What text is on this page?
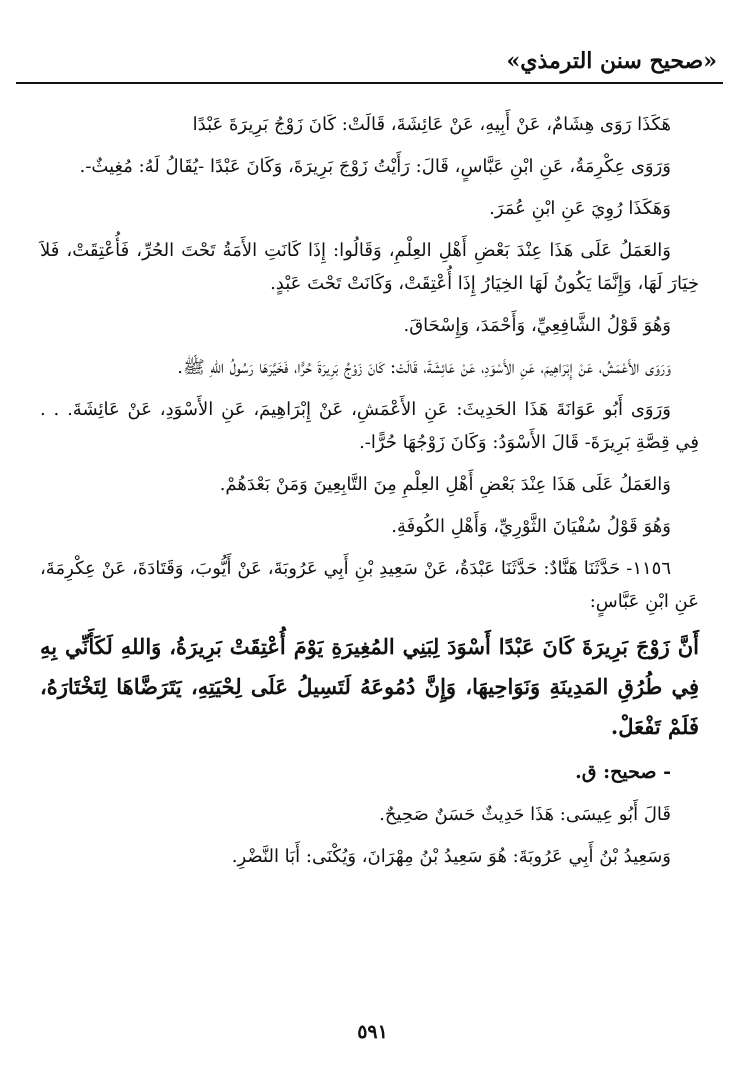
«صحيح سنن الترمذي»

هَكَذَا رَوَى هِشَامٌ، عَنْ أَبِيهِ، عَنْ عَائِشَةَ، قَالَتْ: كَانَ زَوْجُ بَرِيرَةَ عَبْدًا

وَرَوَى عِكْرِمَةُ، عَنِ ابْنِ عَبَّاسٍ، قَالَ: رَأَيْتُ زَوْجَ بَرِيرَةَ، وَكَانَ عَبْدًا -يُقَالُ لَهُ: مُغِيثٌ-.

وَهَكَذَا رُوِيَ عَنِ ابْنِ عُمَرَ.

وَالعَمَلُ عَلَى هَذَا عِنْدَ بَعْضِ أَهْلِ العِلْمِ، وَقَالُوا: إِذَا كَانَتِ الأَمَةُ تَحْتَ الحُرِّ، فَأُعْتِقَتْ، فَلاَ خِيَارَ لَهَا، وَإِنَّمَا يَكُونُ لَهَا الخِيَارُ إِذَا أُعْتِقَتْ، وَكَانَتْ تَحْتَ عَبْدٍ.

وَهُوَ قَوْلُ الشَّافِعِيِّ، وَأَحْمَدَ، وَإِسْحَاقَ.

وَرَوَى الأَعْمَشُ، عَنْ إِبْرَاهِيمَ، عَنِ الأَسْوَدِ، عَنْ عَائِشَةَ، قَالَتْ: كَانَ زَوْجُ بَرِيرَةَ حُرًّا، فَخَيَّرَهَا رَسُولُ اللهِ ﷺ.

وَرَوَى أَبُو عَوَانَةَ هَذَا الحَدِيثَ: عَنِ الأَعْمَشِ، عَنْ إِبْرَاهِيمَ، عَنِ الأَسْوَدِ، عَنْ عَائِشَةَ. . . فِي قِصَّةِ بَرِيرَةَ- قَالَ الأَسْوَدُ: وَكَانَ زَوْجُهَا حُرًّا-.

وَالعَمَلُ عَلَى هَذَا عِنْدَ بَعْضِ أَهْلِ العِلْمِ مِنَ التَّابِعِينَ وَمَنْ بَعْدَهُمْ.

وَهُوَ قَوْلُ سُفْيَانَ الثَّوْرِيِّ، وَأَهْلِ الكُوفَةِ.

١١٥٦- حَدَّثَنَا هَنَّادٌ: حَدَّثَنَا عَبْدَةُ، عَنْ سَعِيدِ بْنِ أَبِي عَرُوبَةَ، عَنْ أَيُّوبَ، وَقَتَادَةَ، عَنْ عِكْرِمَةَ، عَنِ ابْنِ عَبَّاسٍ:

أَنَّ زَوْجَ بَرِيرَةَ كَانَ عَبْدًا أَسْوَدَ لِبَنِي المُغِيرَةِ يَوْمَ أُعْتِقَتْ بَرِيرَةُ، وَاللهِ لَكَأَنِّي بِهِ فِي طُرُقِ المَدِينَةِ وَنَوَاحِيهَا، وَإِنَّ دُمُوعَهُ لَتَسِيلُ عَلَى لِحْيَتِهِ، يَتَرَضَّاهَا لِتَخْتَارَهُ، فَلَمْ تَفْعَلْ.

- صحيح: ق.

قَالَ أَبُو عِيسَى: هَذَا حَدِيثٌ حَسَنٌ صَحِيحٌ.

وَسَعِيدُ بْنُ أَبِي عَرُوبَةَ: هُوَ سَعِيدُ بْنُ مِهْرَانَ، وَيُكْنَى: أَبَا النَّضْرِ.

٥٩١
